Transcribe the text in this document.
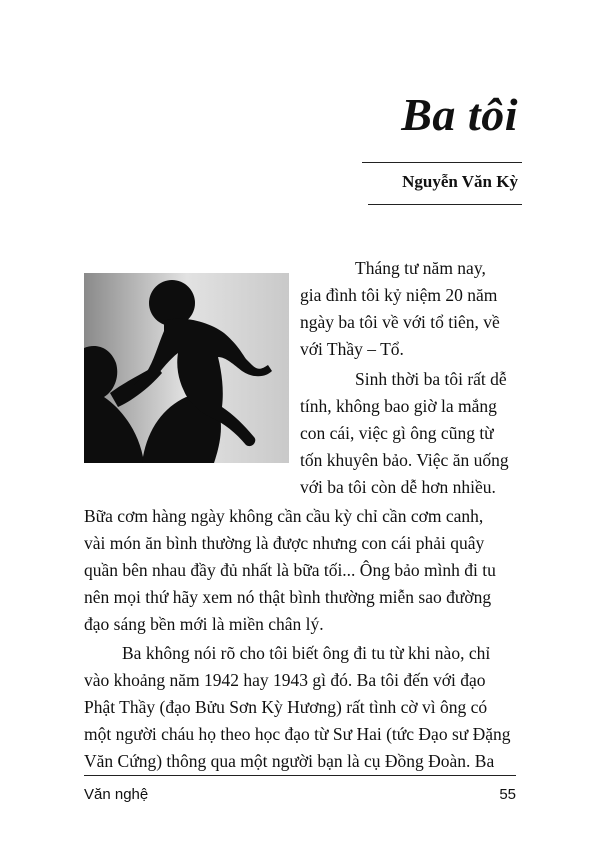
Ba tôi
Nguyễn Văn Kỳ
Tháng tư năm nay,
gia đình tôi kỷ niệm 20 năm
ngày ba tôi về với tổ tiên, về
với Thầy – Tổ.
Sinh thời ba tôi rất dễ
tính, không bao giờ la mắng
con cái, việc gì ông cũng từ
tốn khuyên bảo. Việc ăn uống
với ba tôi còn dễ hơn nhiều.
Bữa cơm hàng ngày không cần cầu kỳ chỉ cần cơm canh,
vài món ăn bình thường là được nhưng con cái phải quây
quần bên nhau đầy đủ nhất là bữa tối... Ông bảo mình đi tu
nên mọi thứ hãy xem nó thật bình thường miễn sao đường
đạo sáng bền mới là miền chân lý.
Ba không nói rõ cho tôi biết ông đi tu từ khi nào, chỉ
vào khoảng năm 1942 hay 1943 gì đó. Ba tôi đến với đạo
Phật Thầy (đạo Bửu Sơn Kỳ Hương) rất tình cờ vì ông có
một người cháu họ theo học đạo từ Sư Hai (tức Đạo sư Đặng
Văn Cứng) thông qua một người bạn là cụ Đồng Đoàn. Ba
Văn nghệ	55
